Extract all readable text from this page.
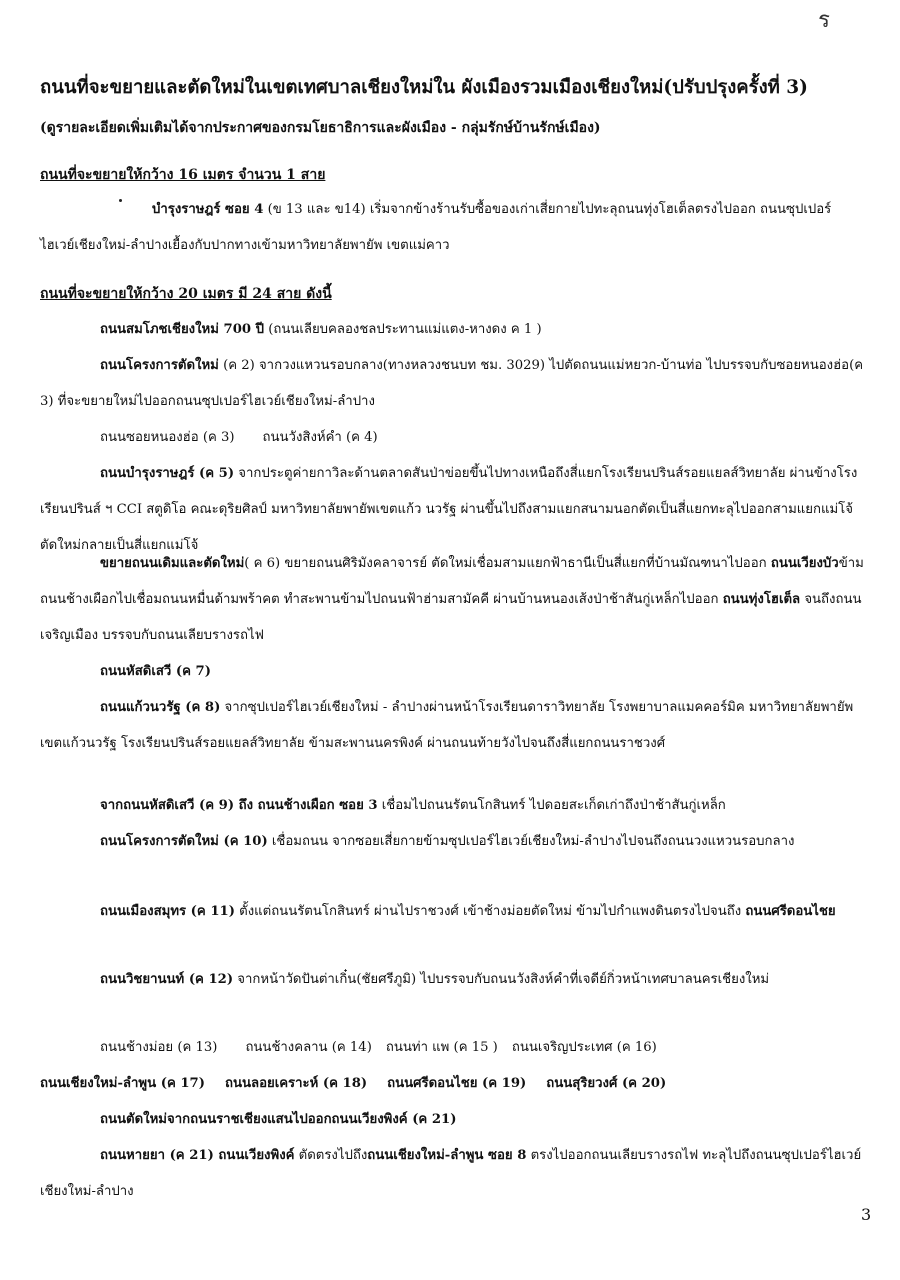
ร
ถนนที่จะขยายและตัดใหม่ในเขตเทศบาลเชียงใหม่ใน ผังเมืองรวมเมืองเชียงใหม่(ปรับปรุงครั้งที่ 3)
(ดูรายละเอียดเพิ่มเติมได้จากประกาศของกรมโยธาธิการและผังเมือง - กลุ่มรักษ์บ้านรักษ์เมือง)
ถนนที่จะขยายให้กว้าง 16 เมตร จำนวน 1 สาย
บำรุงราษฎร์ ซอย 4 (ข 13 และ ข14) เริ่มจากข้างร้านรับซื้อของเก่าเสี่ยกายไปทะลุถนนทุ่งโฮเต็ลตรงไปออก ถนนซุปเปอร์ไฮเวย์เชียงใหม่-ลำปางเยื้องกับปากทางเข้ามหาวิทยาลัยพายัพ เขตแม่คาว
ถนนที่จะขยายให้กว้าง 20 เมตร มี 24 สาย ดังนี้
ถนนสมโภชเชียงใหม่ 700 ปี (ถนนเลียบคลองชลประทานแม่แตง-หางดง ค 1 )
ถนนโครงการตัดใหม่ (ค 2) จากวงแหวนรอบกลาง(ทางหลวงชนบท ชม. 3029) ไปตัดถนนแม่หยวก-บ้านท่อ ไปบรรจบกับซอยหนองฮ่อ(ค 3) ที่จะขยายใหม่ไปออกถนนซุปเปอร์ไฮเวย์เชียงใหม่-ลำปาง
ถนนซอยหนองฮ่อ (ค 3) ถนนวังสิงห์คำ (ค 4)
ถนนบำรุงราษฎร์ (ค 5) จากประตูค่ายกาวิละด้านตลาดสันป่าข่อยขึ้นไปทางเหนือถึงสี่แยกโรงเรียนปรินส์รอยแยลส์วิทยาลัย ผ่านข้างโรงเรียนปรินส์ ฯ CCI สตูดิโอ คณะดุริยศิลป์ มหาวิทยาลัยพายัพเขตแก้ว นวรัฐ ผ่านขึ้นไปถึงสามแยกสนามนอกตัดเป็นสี่แยกทะลุไปออกสามแยกแม่โจ้ ตัดใหม่กลายเป็นสี่แยกแม่โจ้
ขยายถนนเดิมและตัดใหม่( ค 6) ขยายถนนศิริมังคลาจารย์ ตัดใหม่เชื่อมสามแยกฟ้าธานีเป็นสี่แยกที่บ้านมัณฑนาไปออก ถนนเวียงบัวข้ามถนนช้างเผือกไปเชื่อมถนนหมื่นด้ามพร้าคต ทำสะพานข้ามไปถนนฟ้าฮ่ามสามัคคี ผ่านบ้านหนองเส้งป่าช้าสันกู่เหล็กไปออก ถนนทุ่งโฮเต็ล จนถึงถนนเจริญเมือง บรรจบกับถนนเลียบรางรถไฟ
ถนนหัสดิเสวี (ค 7)
ถนนแก้วนวรัฐ (ค 8) จากซุปเปอร์ไฮเวย์เชียงใหม่ - ลำปางผ่านหน้าโรงเรียนดาราวิทยาลัย โรงพยาบาลแมคคอร์มิค มหาวิทยาลัยพายัพ เขตแก้วนวรัฐ โรงเรียนปรินส์รอยแยลส์วิทยาลัย ข้ามสะพานนครพิงค์ ผ่านถนนท้ายวังไปจนถึงสี่แยกถนนราชวงศ์
จากถนนหัสดิเสวี (ค 9) ถึง ถนนช้างเผือก ซอย 3 เชื่อมไปถนนรัตนโกสินทร์ ไปดอยสะเก็ดเก่าถึงป่าช้าสันกู่เหล็ก
ถนนโครงการตัดใหม่ (ค 10) เชื่อมถนน จากซอยเสี่ยกายข้ามซุปเปอร์ไฮเวย์เชียงใหม่-ลำปางไปจนถึงถนนวงแหวนรอบกลาง
ถนนเมืองสมุทร (ค 11) ตั้งแต่ถนนรัตนโกสินทร์ ผ่านไปราชวงศ์ เข้าช้างม่อยตัดใหม่ ข้ามไปกำแพงดินตรงไปจนถึง ถนนศรีดอนไชย
ถนนวิชยานนท์ (ค 12) จากหน้าวัดปันต่าเกิ๋น(ชัยศรีภูมิ) ไปบรรจบกับถนนวังสิงห์คำที่เจดีย์กิ่วหน้าเทศบาลนครเชียงใหม่
ถนนช้างม่อย (ค 13) ถนนช้างคลาน (ค 14) ถนนท่า แพ (ค 15 ) ถนนเจริญประเทศ (ค 16)
ถนนเชียงใหม่-ลำพูน (ค 17) ถนนลอยเคราะห์ (ค 18) ถนนศรีดอนไชย (ค 19) ถนนสุริยวงศ์ (ค 20)
ถนนตัดใหม่จากถนนราชเชียงแสนไปออกถนนเวียงพิงค์ (ค 21)
ถนนหายยา (ค 21) ถนนเวียงพิงค์ ตัดตรงไปถึงถนนเชียงใหม่-ลำพูน ซอย 8 ตรงไปออกถนนเลียบรางรถไฟ ทะลุไปถึงถนนซุปเปอร์ไฮเวย์เชียงใหม่-ลำปาง
3
